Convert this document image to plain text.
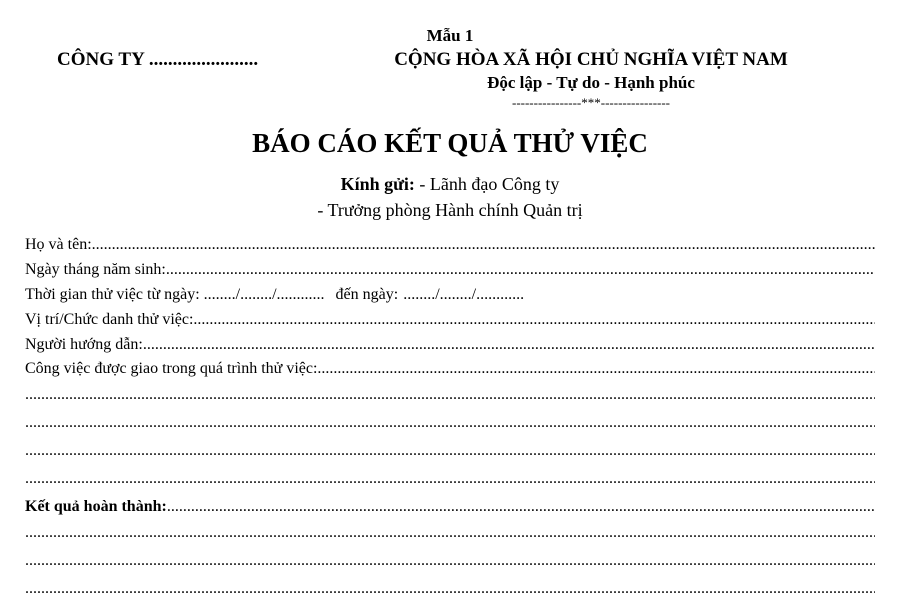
Mẫu 1
CÔNG TY .......................	CỘNG HÒA XÃ HỘI CHỦ NGHĨA VIỆT NAM
Độc lập - Tự do - Hạnh phúc
----------------***----------------
BÁO CÁO KẾT QUẢ THỬ VIỆC
Kính gửi: - Lãnh đạo Công ty
- Trưởng phòng Hành chính Quản trị
Họ và tên:
.....
Ngày tháng năm sinh:
.....
Thời gian thử việc từ ngày: ......../......../............ đến ngày: ......../......../............
Vị trí/Chức danh thử việc:
.....
Người hướng dẫn:
.....
Công việc được giao trong quá trình thử việc:
.....
.....
.....
.....
.....
Kết quả hoàn thành:
.....
.....
.....
.....
